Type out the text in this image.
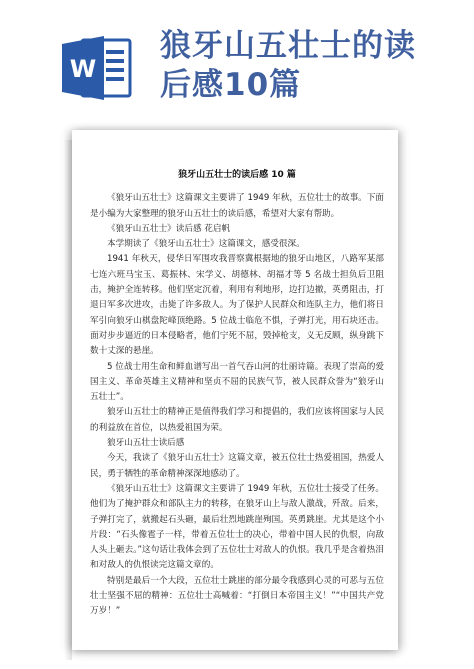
W
狼牙山五壮士的读
后感10篇
狼牙山五壮士的读后感 10 篇
《狼牙山五壮士》这篇课文主要讲了 1949 年秋，五位壮士的故事。下面是小编为大家整理的狼牙山五壮士的读后感，希望对大家有帮助。
《狼牙山五壮士》读后感 花启帆
本学期读了《狼牙山五壮士》这篇课文，感受很深。
1941 年秋天，侵华日军围攻我晋察冀根据地的狼牙山地区，八路军某部七连六班马宝玉、葛振林、宋学义、胡德林、胡福才等 5 名战士担负后卫阻击，掩护全连转移。他们坚定沉着，利用有利地形，边打边撤，英勇阻击，打退日军多次进攻，击毙了许多敌人。为了保护人民群众和连队主力，他们将日军引向狼牙山棋盘陀峰顶绝路。5 位战士临危不惧，子弹打光，用石块还击。面对步步逼近的日本侵略者，他们宁死不屈，毁掉枪支，义无反顾，纵身跳下数十丈深的悬崖。
5 位战士用生命和鲜血谱写出一首气吞山河的壮丽诗篇。表现了崇高的爱国主义、革命英雄主义精神和坚贞不屈的民族气节，被人民群众誉为“狼牙山五壮士”。
狼牙山五壮士的精神正是值得我们学习和提倡的，我们应该将国家与人民的利益放在首位，以热爱祖国为荣。
狼牙山五壮士读后感
今天，我读了《狼牙山五壮士》这篇文章，被五位壮士热爱祖国，热爱人民，勇于牺牲的革命精神深深地感动了。
《狼牙山五壮士》这篇课文主要讲了 1949 年秋，五位壮士接受了任务。他们为了掩护群众和部队主力的转移，在狼牙山上与敌人激战，歼敌。后来，子弹打完了，就搬起石头砸，最后壮烈地跳崖殉国。英勇跳崖。尤其是这个小片段：“石头像雹子一样，带着五位壮士的决心，带着中国人民的仇恨，向敌人头上砸去。”这句话让我体会到了五位壮士对敌人的仇恨。我几乎是含着热泪和对敌人的仇恨读完这篇文章的。
特别是最后一个大段，五位壮士跳崖的部分最令我感到心灵的可恶与五位壮士坚强不屈的精神：五位壮士高喊着：“打倒日本帝国主义！”“中国共产党万岁！”
